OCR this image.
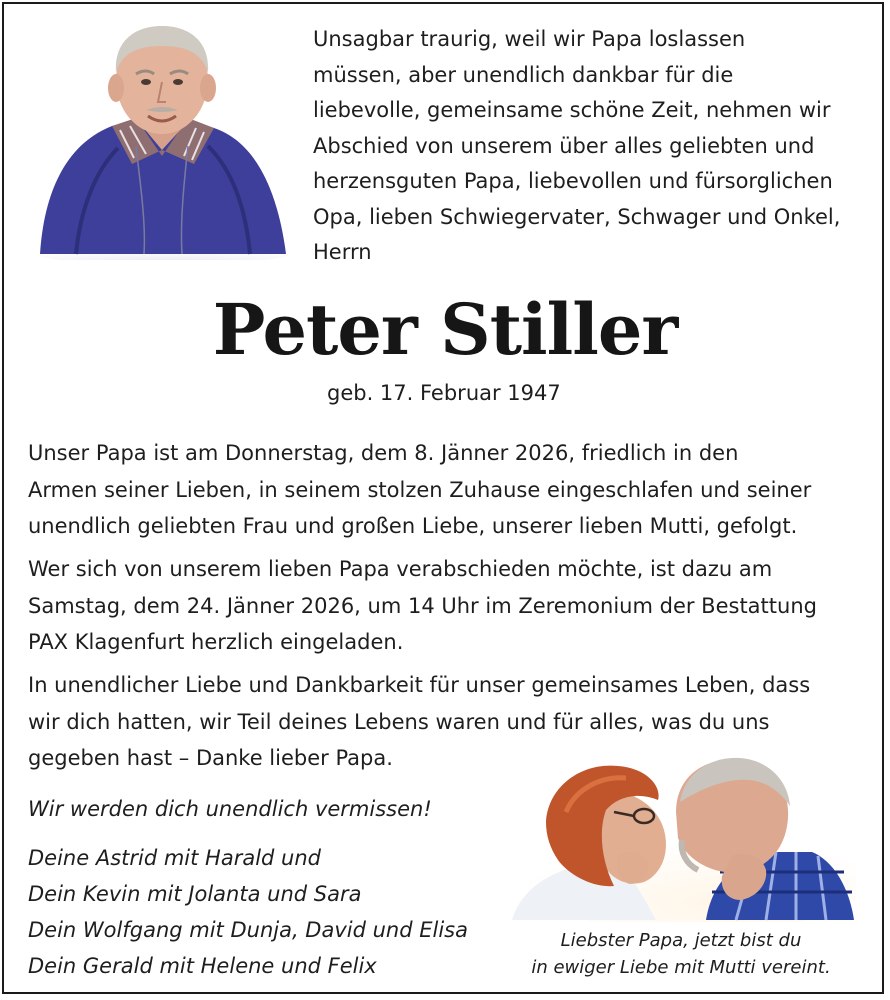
Unsagbar traurig, weil wir Papa loslassen
müssen, aber unendlich dankbar für die
liebevolle, gemeinsame schöne Zeit, nehmen wir
Abschied von unserem über alles geliebten und
herzensguten Papa, liebevollen und fürsorglichen
Opa, lieben Schwiegervater, Schwager und Onkel,
Herrn

Peter Stiller

geb. 17. Februar 1947

Unser Papa ist am Donnerstag, dem 8. Jänner 2026, friedlich in den
Armen seiner Lieben, in seinem stolzen Zuhause eingeschlafen und seiner
unendlich geliebten Frau und großen Liebe, unserer lieben Mutti, gefolgt.

Wer sich von unserem lieben Papa verabschieden möchte, ist dazu am
Samstag, dem 24. Jänner 2026, um 14 Uhr im Zeremonium der Bestattung
PAX Klagenfurt herzlich eingeladen.

In unendlicher Liebe und Dankbarkeit für unser gemeinsames Leben, dass
wir dich hatten, wir Teil deines Lebens waren und für alles, was du uns
gegeben hast – Danke lieber Papa.

Wir werden dich unendlich vermissen!

Deine Astrid mit Harald und
Dein Kevin mit Jolanta und Sara
Dein Wolfgang mit Dunja, David und Elisa
Dein Gerald mit Helene und Felix

Liebster Papa, jetzt bist du
in ewiger Liebe mit Mutti vereint.
